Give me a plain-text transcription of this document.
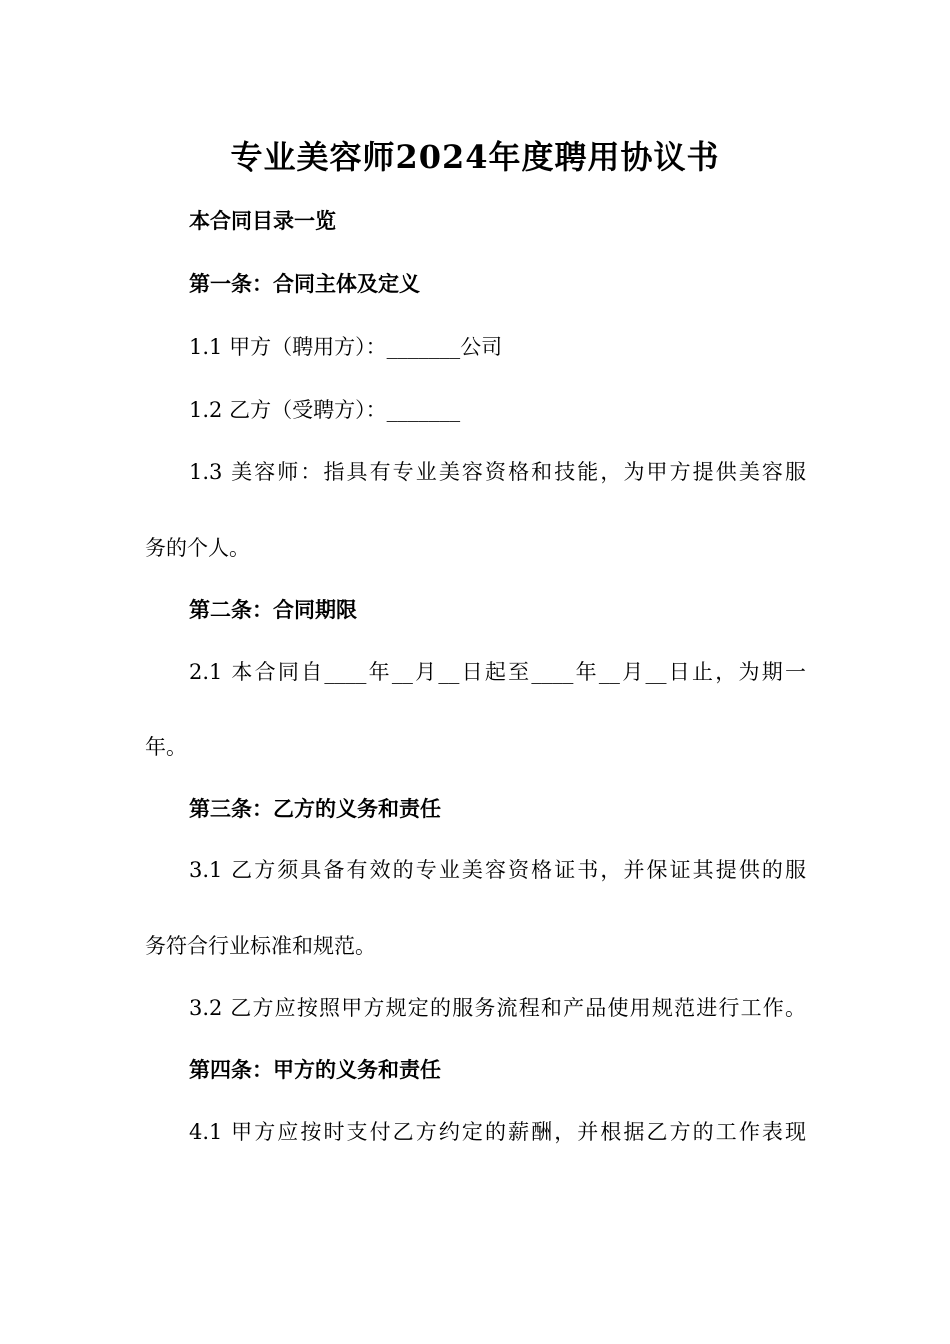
专业美容师2024年度聘用协议书
本合同目录一览
第一条：合同主体及定义
1.1 甲方（聘用方）：_______公司
1.2 乙方（受聘方）：_______
1.3 美容师：指具有专业美容资格和技能，为甲方提供美容服
务的个人。
第二条：合同期限
2.1 本合同自____年__月__日起至____年__月__日止，为期一
年。
第三条：乙方的义务和责任
3.1 乙方须具备有效的专业美容资格证书，并保证其提供的服
务符合行业标准和规范。
3.2 乙方应按照甲方规定的服务流程和产品使用规范进行工作。
第四条：甲方的义务和责任
4.1 甲方应按时支付乙方约定的薪酬，并根据乙方的工作表现
